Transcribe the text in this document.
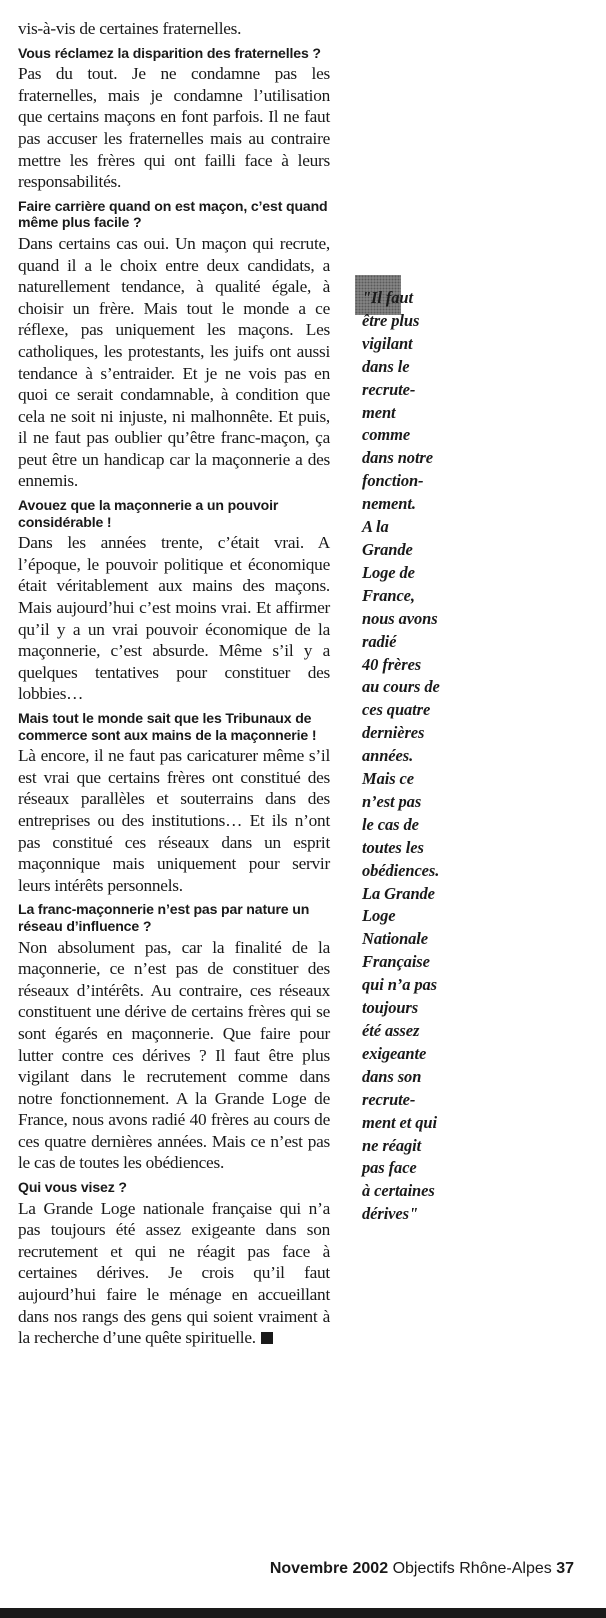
vis-à-vis de certaines fraternelles.

Vous réclamez la disparition des fraternelles ?

Pas du tout. Je ne condamne pas les fraternelles, mais je condamne l’utilisation que certains maçons en font parfois. Il ne faut pas accuser les fraternelles mais au contraire mettre les frères qui ont failli face à leurs responsabilités.

Faire carrière quand on est maçon, c’est quand même plus facile ?

Dans certains cas oui. Un maçon qui recrute, quand il a le choix entre deux candidats, a naturellement tendance, à qualité égale, à choisir un frère. Mais tout le monde a ce réflexe, pas uniquement les maçons. Les catholiques, les protestants, les juifs ont aussi tendance à s’entraider. Et je ne vois pas en quoi ce serait condamnable, à condition que cela ne soit ni injuste, ni malhonnête. Et puis, il ne faut pas oublier qu’être franc-maçon, ça peut être un handicap car la maçonnerie a des ennemis.

Avouez que la maçonnerie a un pouvoir considérable !

Dans les années trente, c’était vrai. A l’époque, le pouvoir politique et économique était véritablement aux mains des maçons. Mais aujourd’hui c’est moins vrai. Et affirmer qu’il y a un vrai pouvoir économique de la maçonnerie, c’est absurde. Même s’il y a quelques tentatives pour constituer des lobbies…

Mais tout le monde sait que les Tribunaux de commerce sont aux mains de la maçonnerie !

Là encore, il ne faut pas caricaturer même s’il est vrai que certains frères ont constitué des réseaux parallèles et souterrains dans des entreprises ou des institutions… Et ils n’ont pas constitué ces réseaux dans un esprit maçonnique mais uniquement pour servir leurs intérêts personnels.

La franc-maçonnerie n’est pas par nature un réseau d’influence ?

Non absolument pas, car la finalité de la maçonnerie, ce n’est pas de constituer des réseaux d’intérêts. Au contraire, ces réseaux constituent une dérive de certains frères qui se sont égarés en maçonnerie. Que faire pour lutter contre ces dérives ? Il faut être plus vigilant dans le recrutement comme dans notre fonctionnement. A la Grande Loge de France, nous avons radié 40 frères au cours de ces quatre dernières années. Mais ce n’est pas le cas de toutes les obédiences.

Qui vous visez ?

La Grande Loge nationale française qui n’a pas toujours été assez exigeante dans son recrutement et qui ne réagit pas face à certaines dérives. Je crois qu’il faut aujourd’hui faire le ménage en accueillant dans nos rangs des gens qui soient vraiment à la recherche d’une quête spirituelle.

"Il faut
être plus
vigilant
dans le
recrute-
ment
comme
dans notre
fonction-
nement.
A la
Grande
Loge de
France,
nous avons
radié
40 frères
au cours de
ces quatre
dernières
années.
Mais ce
n’est pas
le cas de
toutes les
obédiences.
La Grande
Loge
Nationale
Française
qui n’a pas
toujours
été assez
exigeante
dans son
recrute-
ment et qui
ne réagit
pas face
à certaines
dérives"
Novembre 2002 Objectifs Rhône-Alpes 37
